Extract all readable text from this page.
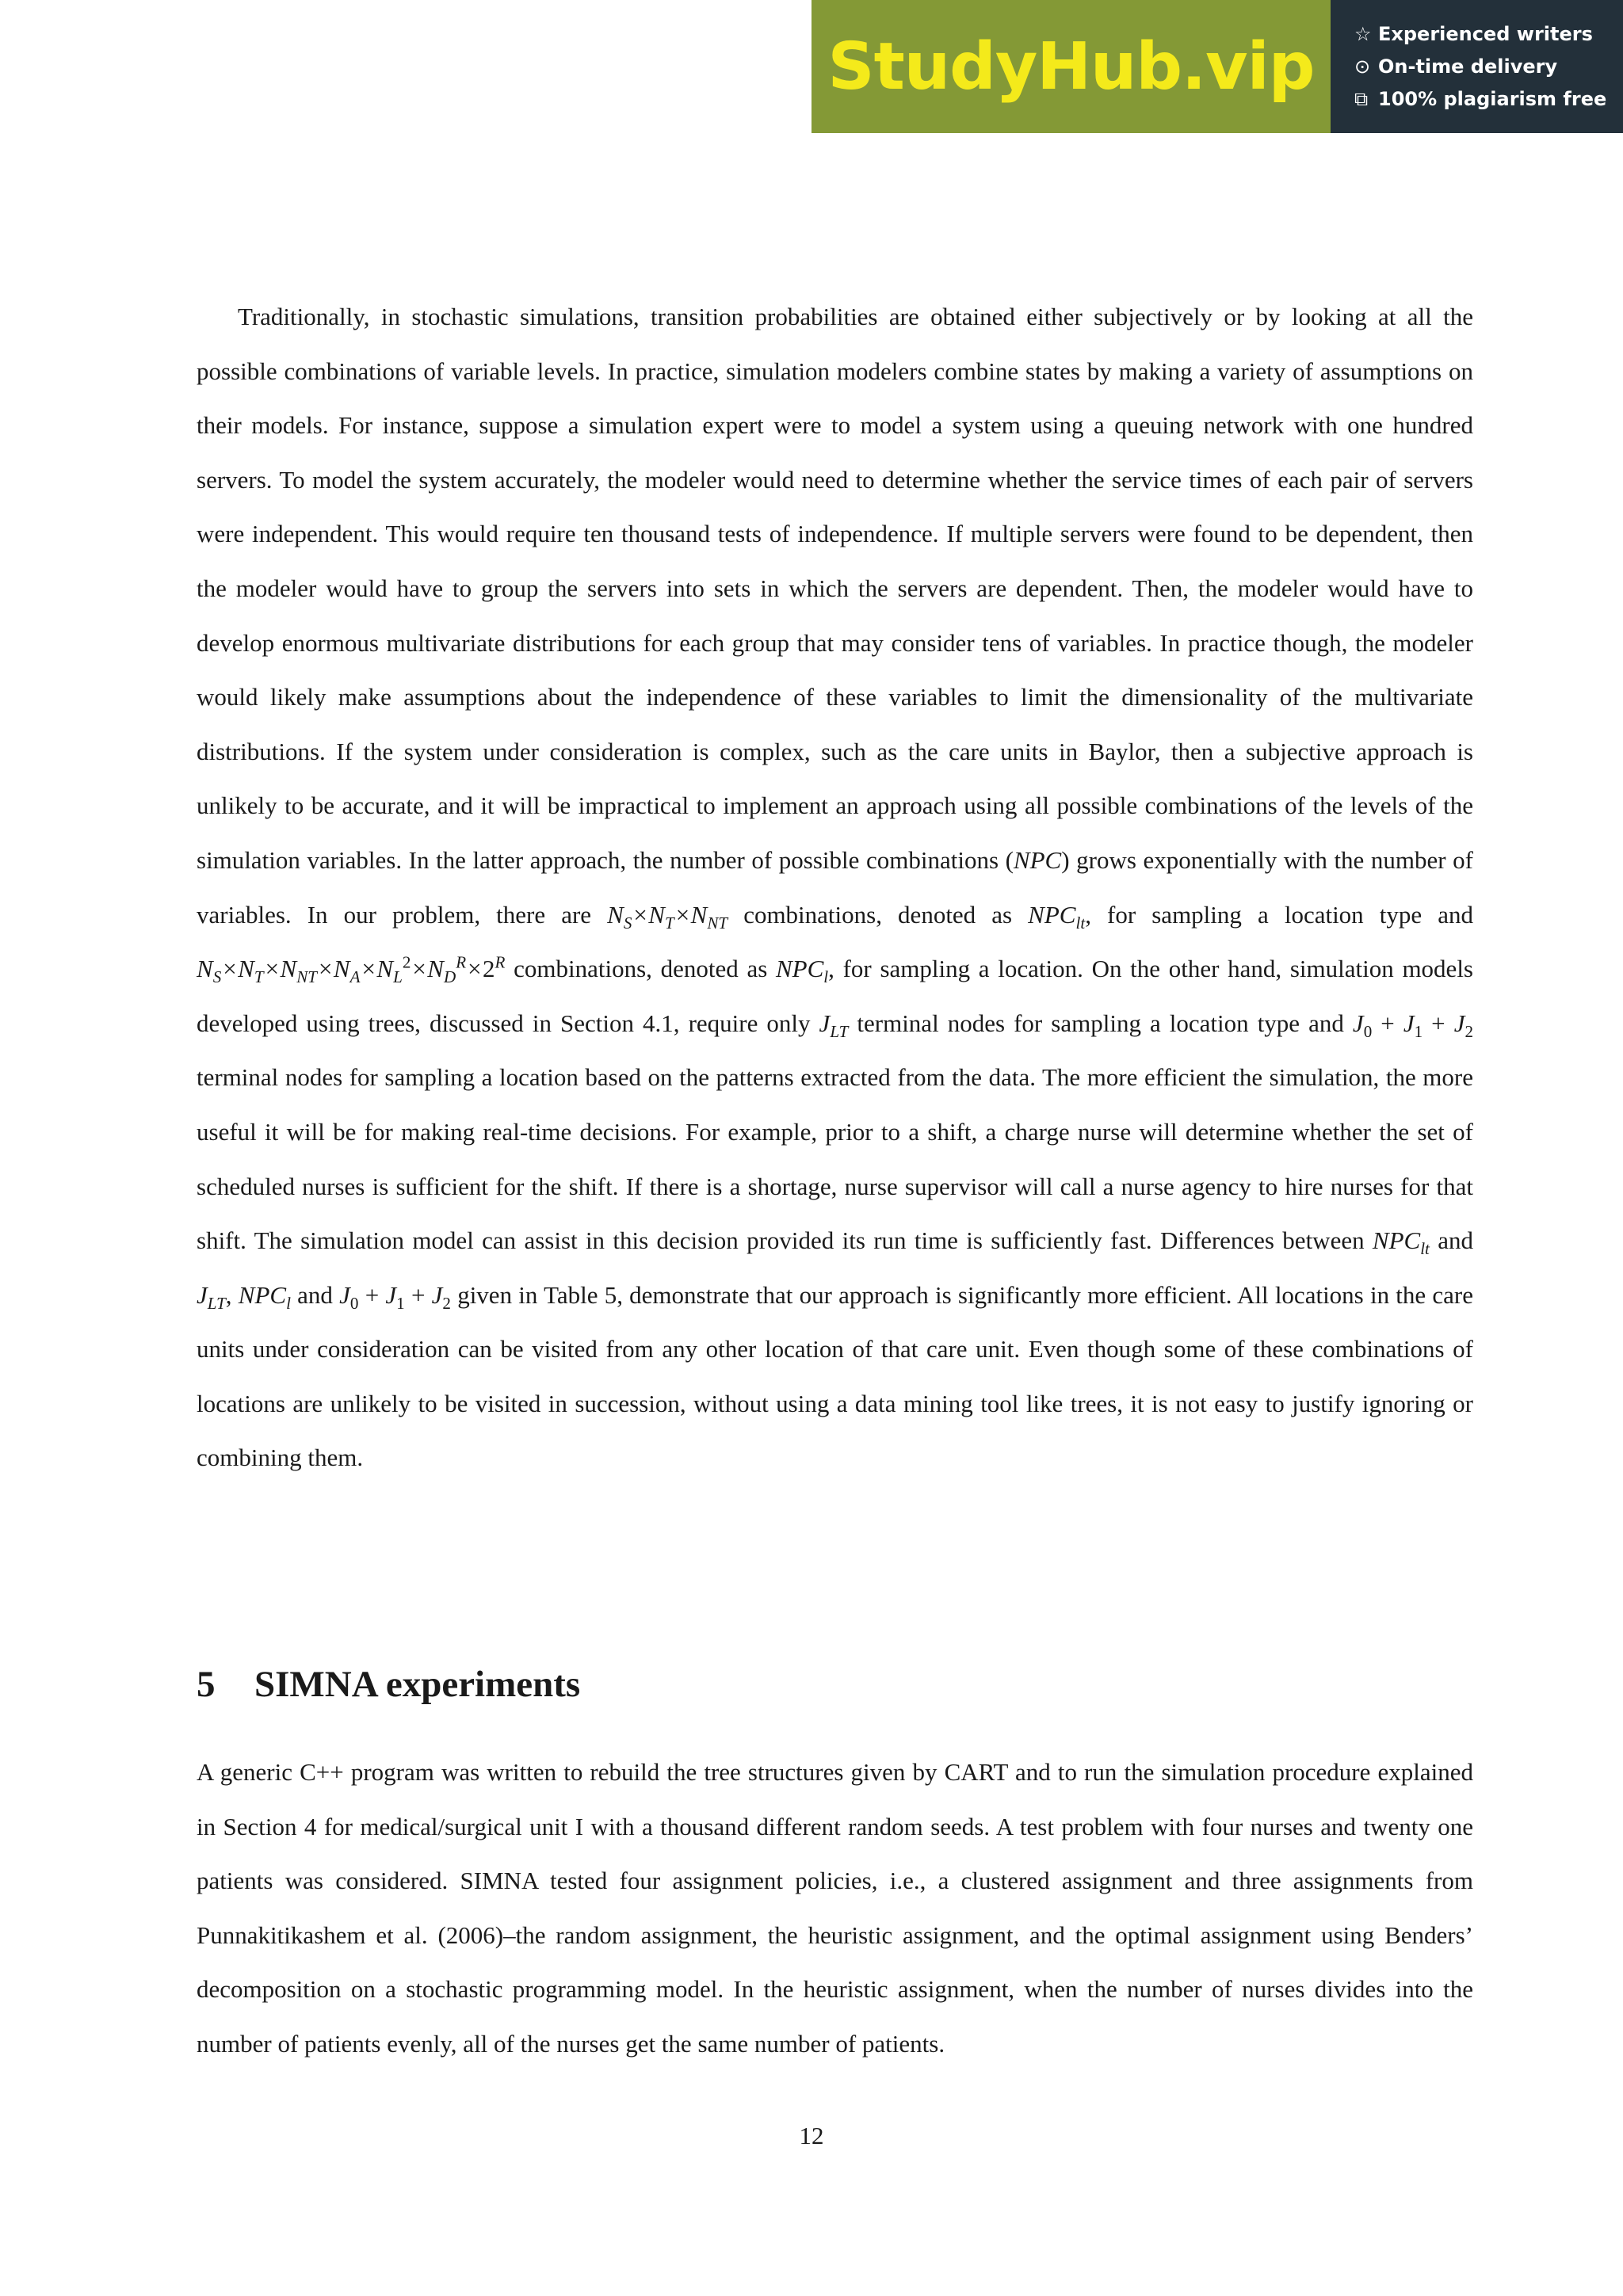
StudyHub.vip ☆ Experienced writers
⊙ On-time delivery
⧉ 100% plagiarism free

Traditionally, in stochastic simulations, transition probabilities are obtained either subjectively or by looking at all the possible combinations of variable levels. In practice, simulation modelers combine states by making a variety of assumptions on their models. For instance, suppose a simulation expert were to model a system using a queuing network with one hundred servers. To model the system accurately, the modeler would need to determine whether the service times of each pair of servers were independent. This would require ten thousand tests of independence. If multiple servers were found to be dependent, then the modeler would have to group the servers into sets in which the servers are dependent. Then, the modeler would have to develop enormous multivariate distributions for each group that may consider tens of variables. In practice though, the modeler would likely make assumptions about the independence of these variables to limit the dimensionality of the multivariate distributions. If the system under consideration is complex, such as the care units in Baylor, then a subjective approach is unlikely to be accurate, and it will be impractical to implement an approach using all possible combinations of the levels of the simulation variables. In the latter approach, the number of possible combinations (NPC) grows exponentially with the number of variables. In our problem, there are $N_S\times N_T\times N_{NT}$ combinations, denoted as $NPC_{lt}$, for sampling a location type and $N_S\times N_T\times N_{NT}\times N_A\times N_L^2\times N_D^R\times 2^R$ combinations, denoted as $NPC_l$, for sampling a location. On the other hand, simulation models developed using trees, discussed in Section 4.1, require only $J_{LT}$ terminal nodes for sampling a location type and $J_0 + J_1 + J_2$ terminal nodes for sampling a location based on the patterns extracted from the data. The more efficient the simulation, the more useful it will be for making real-time decisions. For example, prior to a shift, a charge nurse will determine whether the set of scheduled nurses is sufficient for the shift. If there is a shortage, nurse supervisor will call a nurse agency to hire nurses for that shift. The simulation model can assist in this decision provided its run time is sufficiently fast. Differences between $NPC_{lt}$ and $J_{LT}$, $NPC_l$ and $J_0 + J_1 + J_2$ given in Table 5, demonstrate that our approach is significantly more efficient. All locations in the care units under consideration can be visited from any other location of that care unit. Even though some of these combinations of locations are unlikely to be visited in succession, without using a data mining tool like trees, it is not easy to justify ignoring or combining them.

5 SIMNA experiments

A generic C++ program was written to rebuild the tree structures given by CART and to run the simulation procedure explained in Section 4 for medical/surgical unit I with a thousand different random seeds. A test problem with four nurses and twenty one patients was considered. SIMNA tested four assignment policies, i.e., a clustered assignment and three assignments from Punnakitikashem et al. (2006)–the random assignment, the heuristic assignment, and the optimal assignment using Benders’ decomposition on a stochastic programming model. In the heuristic assignment, when the number of nurses divides into the number of patients evenly, all of the nurses get the same number of patients.

12
